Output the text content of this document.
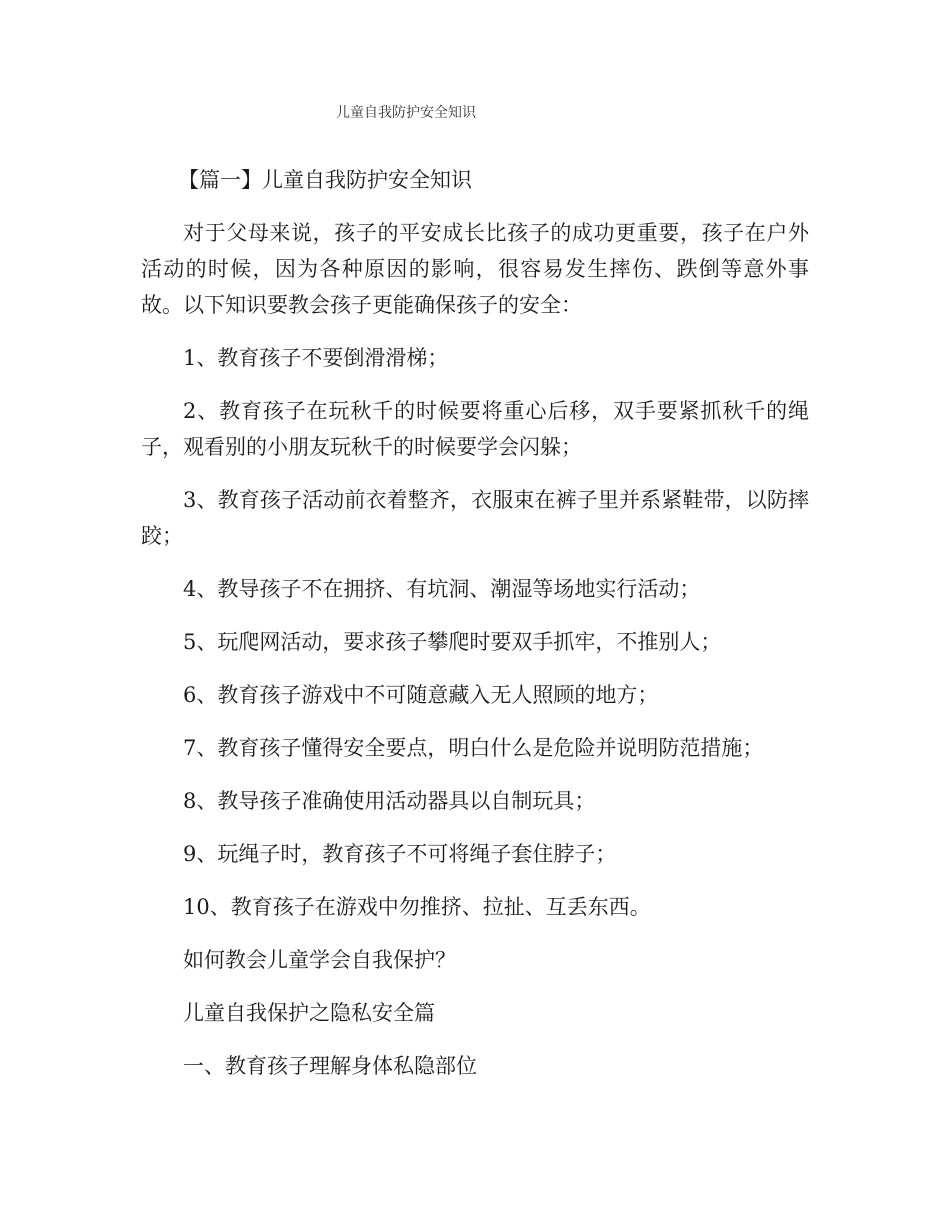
儿童自我防护安全知识

【篇一】儿童自我防护安全知识

对于父母来说，孩子的平安成长比孩子的成功更重要，孩子在户外活动的时候，因为各种原因的影响，很容易发生摔伤、跌倒等意外事故。以下知识要教会孩子更能确保孩子的安全：

1、教育孩子不要倒滑滑梯；

2、教育孩子在玩秋千的时候要将重心后移，双手要紧抓秋千的绳子，观看别的小朋友玩秋千的时候要学会闪躲；

3、教育孩子活动前衣着整齐，衣服束在裤子里并系紧鞋带，以防摔跤；

4、教导孩子不在拥挤、有坑洞、潮湿等场地实行活动；

5、玩爬网活动，要求孩子攀爬时要双手抓牢，不推别人；

6、教育孩子游戏中不可随意藏入无人照顾的地方；

7、教育孩子懂得安全要点，明白什么是危险并说明防范措施；

8、教导孩子准确使用活动器具以自制玩具；

9、玩绳子时，教育孩子不可将绳子套住脖子；

10、教育孩子在游戏中勿推挤、拉扯、互丢东西。

如何教会儿童学会自我保护？

儿童自我保护之隐私安全篇

一、教育孩子理解身体私隐部位
